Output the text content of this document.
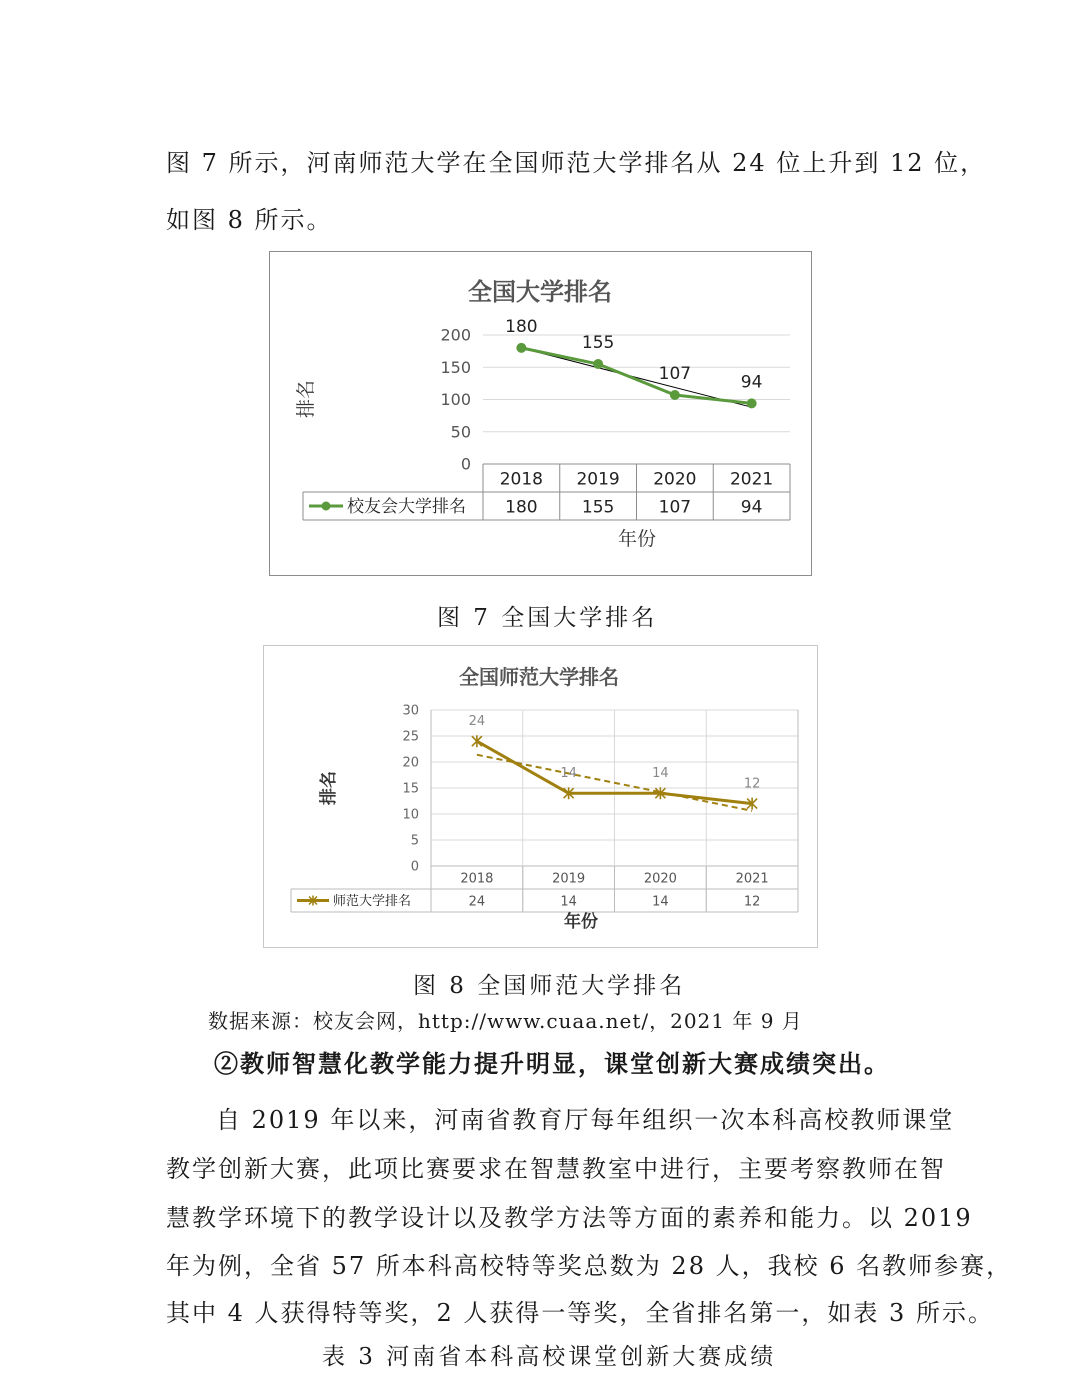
图 7 所示，河南师范大学在全国师范大学排名从 24 位上升到 12 位，
如图 8 所示。
全国大学排名
0
50
100
150
200
2018
180
2019
155
2020
107
2021
94
校友会大学排名
180
155
107	94
年份
排名
图 7 全国大学排名
全国师范大学排名
0
5
10
15
20
25
30
2018
24
2019
14
2020
14
2021
12
师范大学排名
24
14	14
12
年份
排名
图 8 全国师范大学排名
数据来源：校友会网，http://www.cuaa.net/，2021 年 9 月
②教师智慧化教学能力提升明显，课堂创新大赛成绩突出。
自 2019 年以来，河南省教育厅每年组织一次本科高校教师课堂
教学创新大赛，此项比赛要求在智慧教室中进行，主要考察教师在智
慧教学环境下的教学设计以及教学方法等方面的素养和能力。以 2019
年为例，全省 57 所本科高校特等奖总数为 28 人，我校 6 名教师参赛，
其中 4 人获得特等奖，2 人获得一等奖，全省排名第一，如表 3 所示。
表 3 河南省本科高校课堂创新大赛成绩
